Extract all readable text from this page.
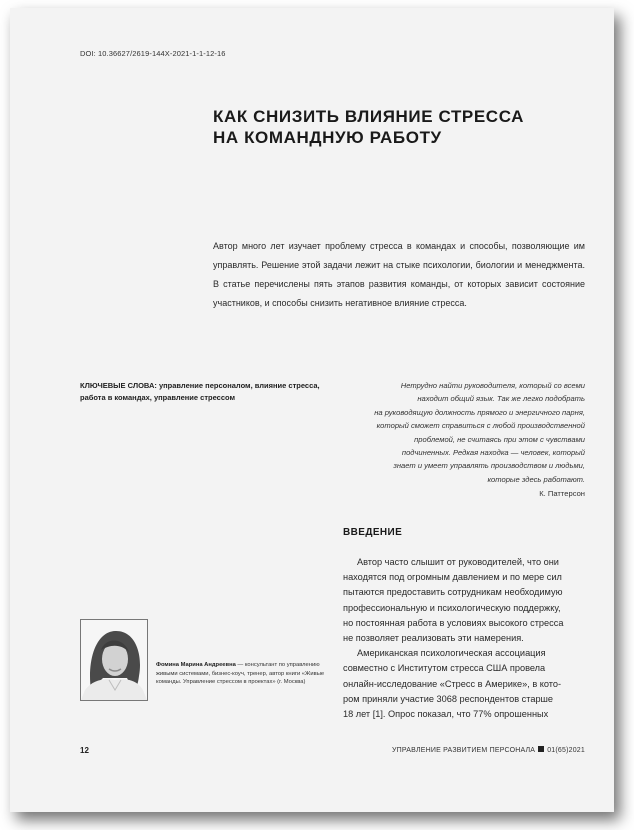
DOI: 10.36627/2619-144X-2021-1-1-12-16
КАК СНИЗИТЬ ВЛИЯНИЕ СТРЕССА
НА КОМАНДНУЮ РАБОТУ

Автор много лет изучает проблему стресса в командах и способы, позволяющие им управлять. Решение этой задачи лежит на стыке психологии, биологии и менеджмента. В статье перечислены пять этапов развития команды, от которых зависит состояние участников, и способы снизить негативное влияние стресса.

КЛЮЧЕВЫЕ СЛОВА: управление персоналом, влияние стресса, работа в командах, управление стрессом
Нетрудно найти руководителя, который со всеми
находит общий язык. Так же легко подобрать
на руководящую должность прямого и энергичного парня,
который сможет справиться с любой производственной
проблемой, не считаясь при этом с чувствами
подчиненных. Редкая находка — человек, который
знает и умеет управлять производством и людьми,
которые здесь работают.
К. Паттерсон
ВВЕДЕНИЕ
Автор часто слышит от руководителей, что они
находятся под огромным давлением и по мере сил
пытаются предоставить сотрудникам необходимую
профессиональную и психологическую поддержку,
но постоянная работа в условиях высокого стресса
не позволяет реализовать эти намерения.
Американская психологическая ассоциация
совместно с Институтом стресса США провела
онлайн-исследование «Стресс в Америке», в кото-
ром приняли участие 3068 респондентов старше
18 лет [1]. Опрос показал, что 77% опрошенных
Фомина Марина Андреевна — консультант по управлению живыми системами, бизнес-коуч, тренер, автор книги «Живые команды. Управление стрессом в проектах» (г. Москва)
12	УПРАВЛЕНИЕ РАЗВИТИЕМ ПЕРСОНАЛА 01(65)2021
